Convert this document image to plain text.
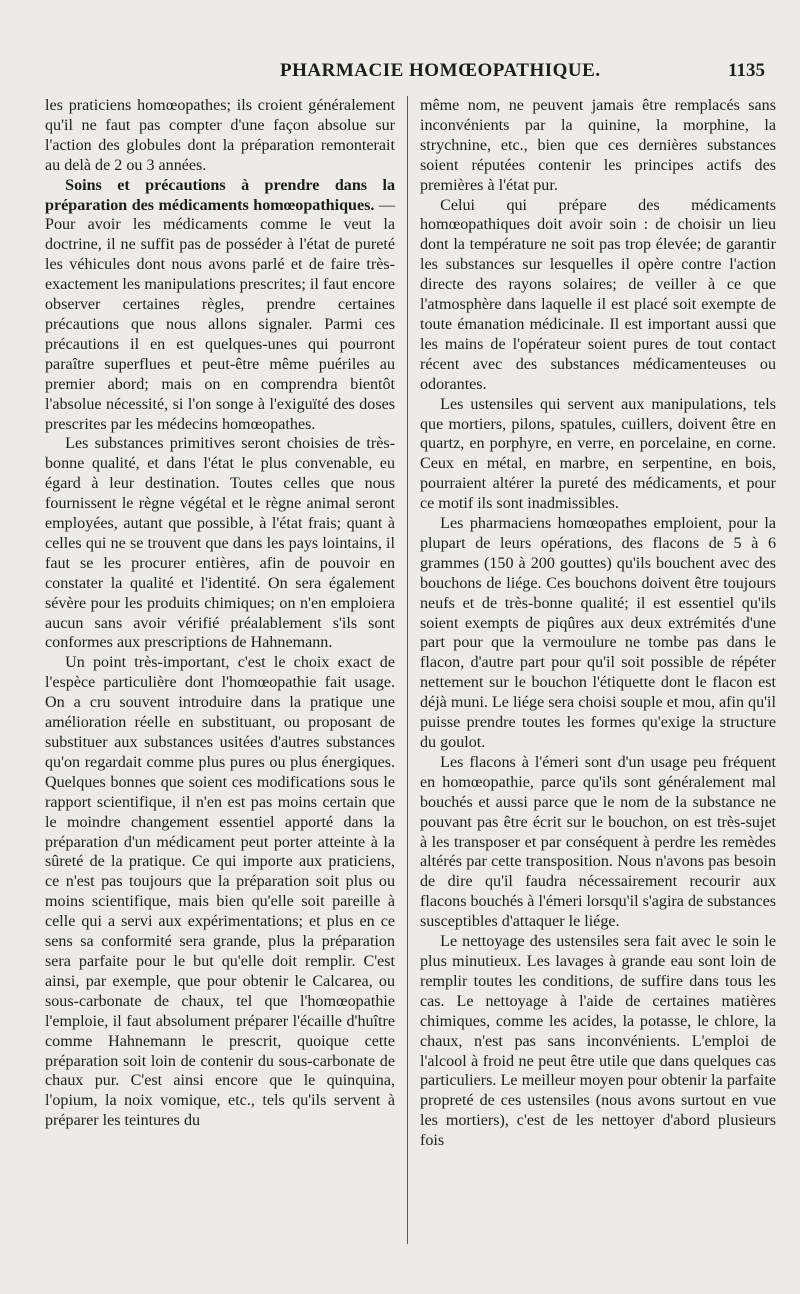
PHARMACIE HOMŒOPATHIQUE.	1135

les praticiens homœopathes; ils croient généralement qu'il ne faut pas compter d'une façon absolue sur l'action des globules dont la préparation remonterait au delà de 2 ou 3 années.

Soins et précautions à prendre dans la préparation des médicaments homœopathiques. — Pour avoir les médicaments comme le veut la doctrine, il ne suffit pas de posséder à l'état de pureté les véhicules dont nous avons parlé et de faire très-exactement les manipulations prescrites; il faut encore observer certaines règles, prendre certaines précautions que nous allons signaler. Parmi ces précautions il en est quelques-unes qui pourront paraître superflues et peut-être même puériles au premier abord; mais on en comprendra bientôt l'absolue nécessité, si l'on songe à l'exiguïté des doses prescrites par les médecins homœopathes.

Les substances primitives seront choisies de très-bonne qualité, et dans l'état le plus convenable, eu égard à leur destination. Toutes celles que nous fournissent le règne végétal et le règne animal seront employées, autant que possible, à l'état frais; quant à celles qui ne se trouvent que dans les pays lointains, il faut se les procurer entières, afin de pouvoir en constater la qualité et l'identité. On sera également sévère pour les produits chimiques; on n'en emploiera aucun sans avoir vérifié préalablement s'ils sont conformes aux prescriptions de Hahnemann.

Un point très-important, c'est le choix exact de l'espèce particulière dont l'homœopathie fait usage. On a cru souvent introduire dans la pratique une amélioration réelle en substituant, ou proposant de substituer aux substances usitées d'autres substances qu'on regardait comme plus pures ou plus énergiques. Quelques bonnes que soient ces modifications sous le rapport scientifique, il n'en est pas moins certain que le moindre changement essentiel apporté dans la préparation d'un médicament peut porter atteinte à la sûreté de la pratique. Ce qui importe aux praticiens, ce n'est pas toujours que la préparation soit plus ou moins scientifique, mais bien qu'elle soit pareille à celle qui a servi aux expérimentations; et plus en ce sens sa conformité sera grande, plus la préparation sera parfaite pour le but qu'elle doit remplir. C'est ainsi, par exemple, que pour obtenir le Calcarea, ou sous-carbonate de chaux, tel que l'homœopathie l'emploie, il faut absolument préparer l'écaille d'huître comme Hahnemann le prescrit, quoique cette préparation soit loin de contenir du sous-carbonate de chaux pur. C'est ainsi encore que le quinquina, l'opium, la noix vomique, etc., tels qu'ils servent à préparer les teintures du

même nom, ne peuvent jamais être remplacés sans inconvénients par la quinine, la morphine, la strychnine, etc., bien que ces dernières substances soient réputées contenir les principes actifs des premières à l'état pur.

Celui qui prépare des médicaments homœopathiques doit avoir soin : de choisir un lieu dont la température ne soit pas trop élevée; de garantir les substances sur lesquelles il opère contre l'action directe des rayons solaires; de veiller à ce que l'atmosphère dans laquelle il est placé soit exempte de toute émanation médicinale. Il est important aussi que les mains de l'opérateur soient pures de tout contact récent avec des substances médicamenteuses ou odorantes.

Les ustensiles qui servent aux manipulations, tels que mortiers, pilons, spatules, cuillers, doivent être en quartz, en porphyre, en verre, en porcelaine, en corne. Ceux en métal, en marbre, en serpentine, en bois, pourraient altérer la pureté des médicaments, et pour ce motif ils sont inadmissibles.

Les pharmaciens homœopathes emploient, pour la plupart de leurs opérations, des flacons de 5 à 6 grammes (150 à 200 gouttes) qu'ils bouchent avec des bouchons de liége. Ces bouchons doivent être toujours neufs et de très-bonne qualité; il est essentiel qu'ils soient exempts de piqûres aux deux extrémités d'une part pour que la vermoulure ne tombe pas dans le flacon, d'autre part pour qu'il soit possible de répéter nettement sur le bouchon l'étiquette dont le flacon est déjà muni. Le liége sera choisi souple et mou, afin qu'il puisse prendre toutes les formes qu'exige la structure du goulot.

Les flacons à l'émeri sont d'un usage peu fréquent en homœopathie, parce qu'ils sont généralement mal bouchés et aussi parce que le nom de la substance ne pouvant pas être écrit sur le bouchon, on est très-sujet à les transposer et par conséquent à perdre les remèdes altérés par cette transposition. Nous n'avons pas besoin de dire qu'il faudra nécessairement recourir aux flacons bouchés à l'émeri lorsqu'il s'agira de substances susceptibles d'attaquer le liége.

Le nettoyage des ustensiles sera fait avec le soin le plus minutieux. Les lavages à grande eau sont loin de remplir toutes les conditions, de suffire dans tous les cas. Le nettoyage à l'aide de certaines matières chimiques, comme les acides, la potasse, le chlore, la chaux, n'est pas sans inconvénients. L'emploi de l'alcool à froid ne peut être utile que dans quelques cas particuliers. Le meilleur moyen pour obtenir la parfaite propreté de ces ustensiles (nous avons surtout en vue les mortiers), c'est de les nettoyer d'abord plusieurs fois
